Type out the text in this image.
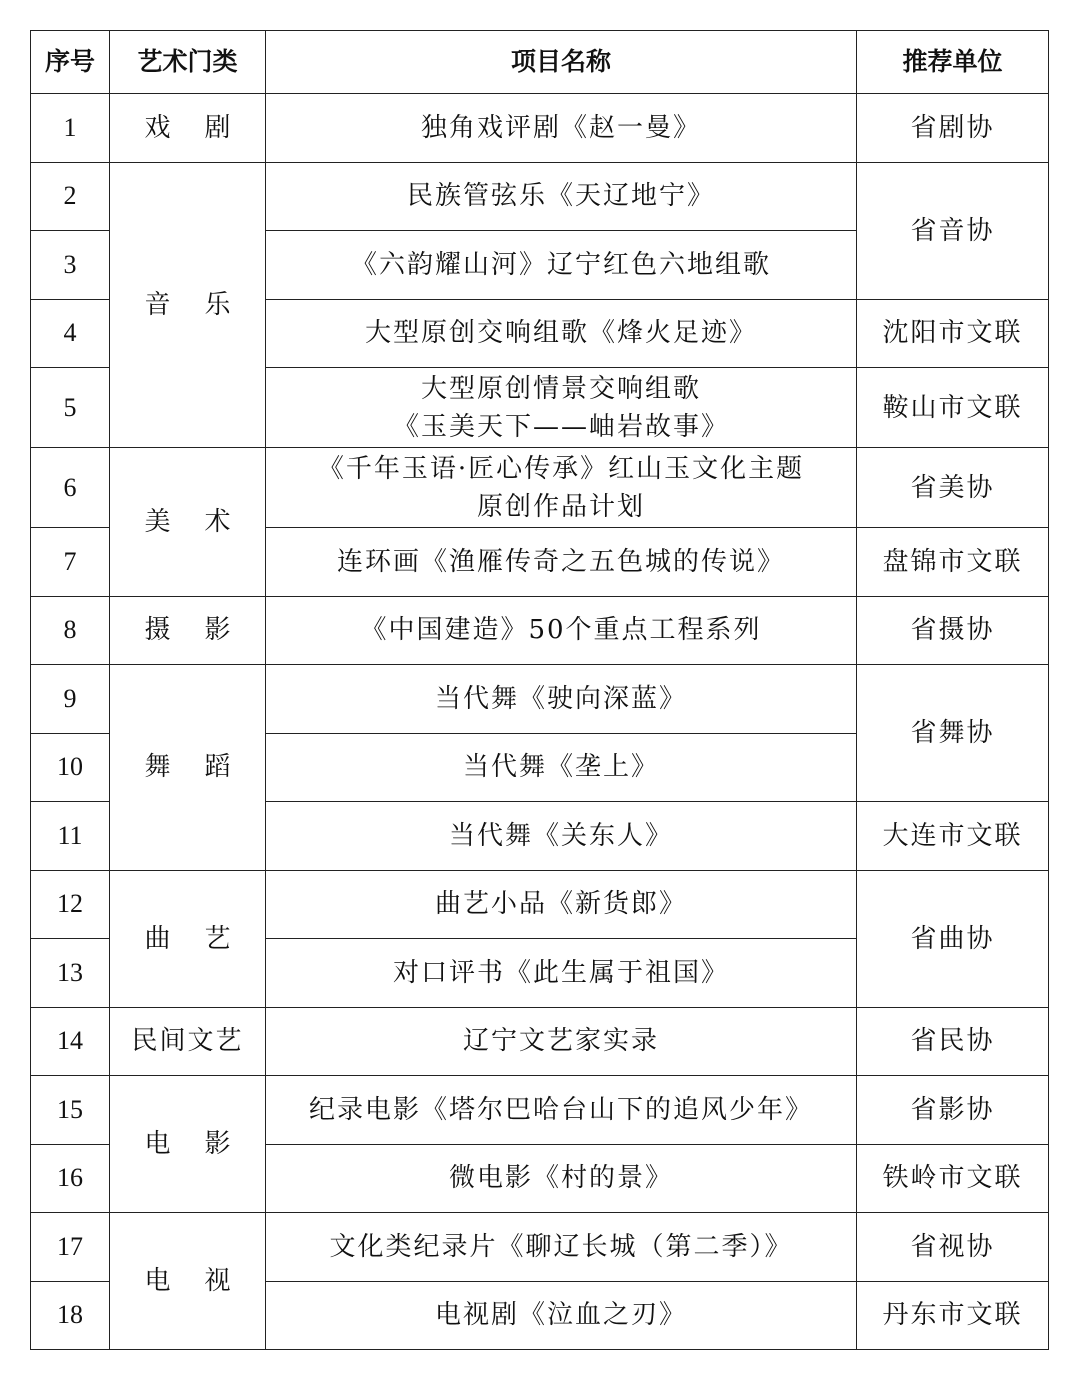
序号	艺术门类	项目名称	推荐单位
1	戏剧	独角戏评剧《赵一曼》	省剧协
2	音乐	民族管弦乐《天辽地宁》	省音协
3		《六韵耀山河》辽宁红色六地组歌	
4		大型原创交响组歌《烽火足迹》	沈阳市文联
5		大型原创情景交响组歌
《玉美天下——岫岩故事》	鞍山市文联
6	美术	《千年玉语·匠心传承》红山玉文化主题
原创作品计划	省美协
7		连环画《渔雁传奇之五色城的传说》	盘锦市文联
8	摄影	《中国建造》50个重点工程系列	省摄协
9	舞蹈	当代舞《驶向深蓝》	省舞协
10		当代舞《垄上》	
11		当代舞《关东人》	大连市文联
12	曲艺	曲艺小品《新货郎》	省曲协
13		对口评书《此生属于祖国》	
14	民间文艺	辽宁文艺家实录	省民协
15	电影	纪录电影《塔尔巴哈台山下的追风少年》	省影协
16		微电影《村的景》	铁岭市文联
17	电视	文化类纪录片《聊辽长城（第二季）》	省视协
18		电视剧《泣血之刃》	丹东市文联
